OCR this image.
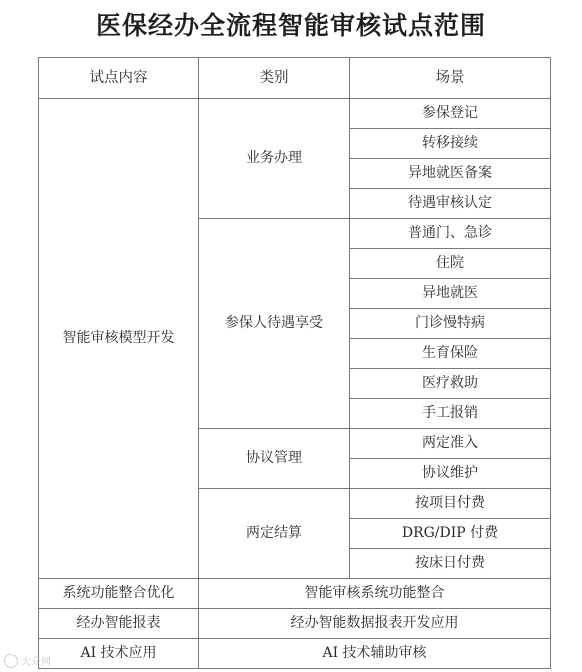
医保经办全流程智能审核试点范围
试点内容	类别	场景
智能审核模型开发	业务办理	参保登记
		转移接续
		异地就医备案
		待遇审核认定
	参保人待遇享受	普通门、急诊
		住院
		异地就医
		门诊慢特病
		生育保险
		医疗救助
		手工报销
	协议管理	两定准入
		协议维护
	两定结算	按项目付费
		DRG/DIP 付费
		按床日付费
系统功能整合优化	智能审核系统功能整合	
经办智能报表	经办智能数据报表开发应用	
AI 技术应用	AI 技术辅助审核	
大众网
